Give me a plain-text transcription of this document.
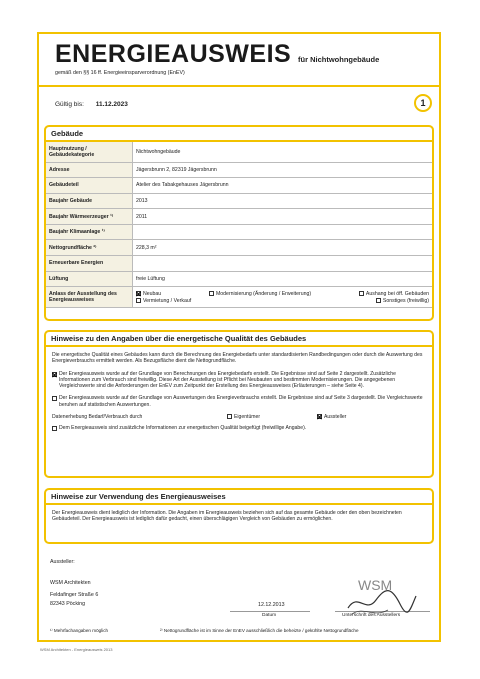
ENERGIEAUSWEIS für Nichtwohngebäude
gemäß den §§ 16 ff. Energieeinsparverordnung (EnEV)
Gültig bis: 11.12.2023	1
Gebäude
Hauptnutzung / Gebäudekategorie	Nichtwohngebäude
Adresse	Jägersbrunn 2, 82319 Jägersbrunn
Gebäudeteil	Atelier des Tabakgehauses Jägersbrunn
Baujahr Gebäude	2013
Baujahr Wärmeerzeuger ¹⁾	2011
Baujahr Klimaanlage ¹⁾	
Nettogrundfläche ²⁾	228,3 m²
Erneuerbare Energien	
Lüftung	freie Lüftung
Anlass der Ausstellung des Energieausweises	
Neubau	Modernisierung (Änderung / Erweiterung)	Aushang bei öff. Gebäuden
Vermietung / Verkauf	Sonstiges (freiwillig)
Hinweise zu den Angaben über die energetische Qualität des Gebäudes

Die energetische Qualität eines Gebäudes kann durch die Berechnung des Energiebedarfs unter standardisierten Randbedingungen oder durch die Auswertung des Energieverbrauchs ermittelt werden. Als Bezugsfläche dient die Nettogrundfläche.

Der Energieausweis wurde auf der Grundlage von Berechnungen des Energiebedarfs erstellt. Die Ergebnisse sind auf Seite 2 dargestellt. Zusätzliche Informationen zum Verbrauch sind freiwillig. Diese Art der Ausstellung ist Pflicht bei Neubauten und bestimmten Modernisierungen. Die angegebenen Vergleichswerte sind die Anforderungen der EnEV zum Zeitpunkt der Erstellung des Energieausweises (Erläuterungen – siehe Seite 4).
Der Energieausweis wurde auf der Grundlage von Auswertungen des Energieverbrauchs erstellt. Die Ergebnisse sind auf Seite 3 dargestellt. Die Vergleichswerte beruhen auf statistischen Auswertungen.
Datenerhebung Bedarf/Verbrauch durch	Eigentümer	Aussteller
Dem Energieausweis sind zusätzliche Informationen zur energetischen Qualität beigefügt (freiwillige Angabe).
Hinweise zur Verwendung des Energieausweises

Der Energieausweis dient lediglich der Information. Die Angaben im Energieausweis beziehen sich auf das gesamte Gebäude oder den oben bezeichneten Gebäudeteil. Der Energieausweis ist lediglich dafür gedacht, einen überschlägigen Vergleich von Gebäuden zu ermöglichen.

Aussteller:
WSM Architekten
Feldafinger Straße 6
82343 Pöcking	12.12.2013
Datum	Unterschrift des Ausstellers
WSM
¹⁾ Mehrfachangaben möglich	²⁾ Nettogrundfläche ist im Sinne der EnEV ausschließlich die beheizte / gekühlte Nettogrundfläche
WSM Architekten - Energieausweis 2013
